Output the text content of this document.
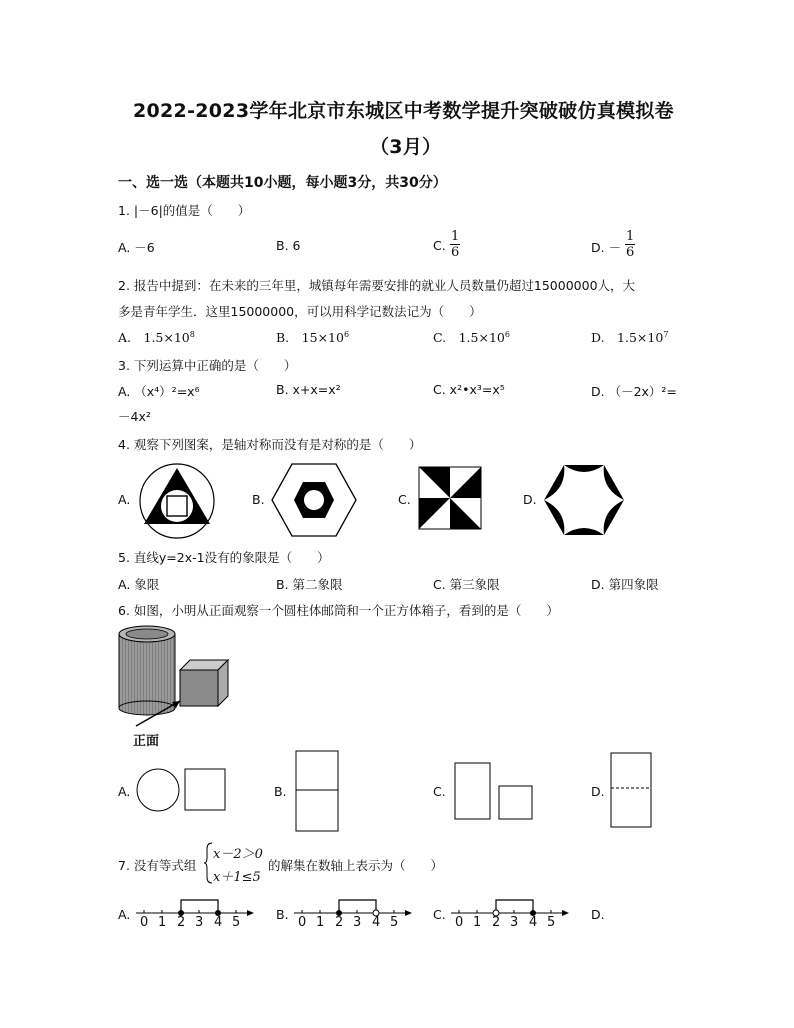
2022-2023学年北京市东城区中考数学提升突破破仿真模拟卷
（3月）
一、选一选（本题共10小题，每小题3分，共30分）
1. |－6|的值是（　　）
A. －6	B. 6	C. $\frac{1}{6}$	D. － $\frac{1}{6}$
2. 报告中提到：在未来的三年里，城镇每年需要安排的就业人员数量仍超过15000000人，大
多是青年学生．这里15000000，可以用科学记数法记为（　　）
A.　$1.5\times 10^8$	B.　$15\times 10^6$	C.　$1.5\times 10^6$	D.　$1.5\times 10^7$
3. 下列运算中正确的是（　　）
A. （x⁴）²=x⁶	B. x+x=x²	C. x²•x³=x⁵	D. （－2x）²=
－4x²
4. 观察下列图案，是轴对称而没有是对称的是（　　）
A.	B.	C.	D.
5. 直线y=2x-1没有的象限是（　　）
A. 象限	B. 第二象限	C. 第三象限	D. 第四象限
6. 如图，小明从正面观察一个圆柱体邮筒和一个正方体箱子，看到的是（　　）
正面
A.	B.	C.	D.
7. 没有等式组
x－2＞0
x＋1≤5
的解集在数轴上表示为（　　）
A.	B.	C.	D.
0 1 2 3 4 5	0 1 2 3 4 5	0 1 2 3 4 5
